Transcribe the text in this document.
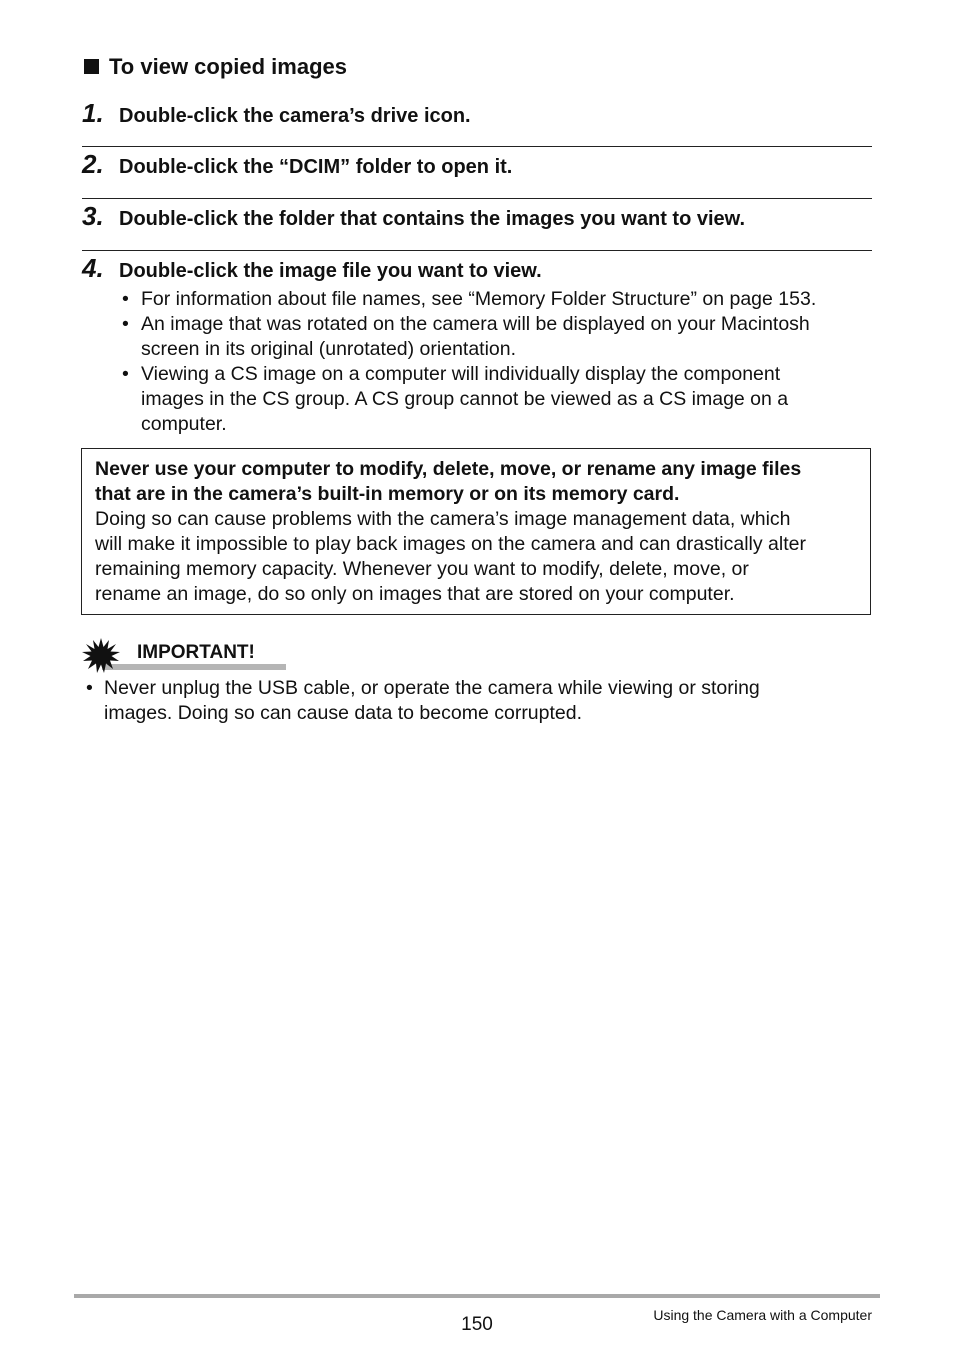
To view copied images
1. Double-click the camera’s drive icon.
2. Double-click the “DCIM” folder to open it.
3. Double-click the folder that contains the images you want to view.
4. Double-click the image file you want to view.
• For information about file names, see “Memory Folder Structure” on page 153.
• An image that was rotated on the camera will be displayed on your Macintosh
screen in its original (unrotated) orientation.
• Viewing a CS image on a computer will individually display the component
images in the CS group. A CS group cannot be viewed as a CS image on a
computer.
Never use your computer to modify, delete, move, or rename any image files
that are in the camera’s built-in memory or on its memory card.
Doing so can cause problems with the camera’s image management data, which
will make it impossible to play back images on the camera and can drastically alter
remaining memory capacity. Whenever you want to modify, delete, move, or
rename an image, do so only on images that are stored on your computer.
IMPORTANT!
• Never unplug the USB cable, or operate the camera while viewing or storing
images. Doing so can cause data to become corrupted.
150	Using the Camera with a Computer
